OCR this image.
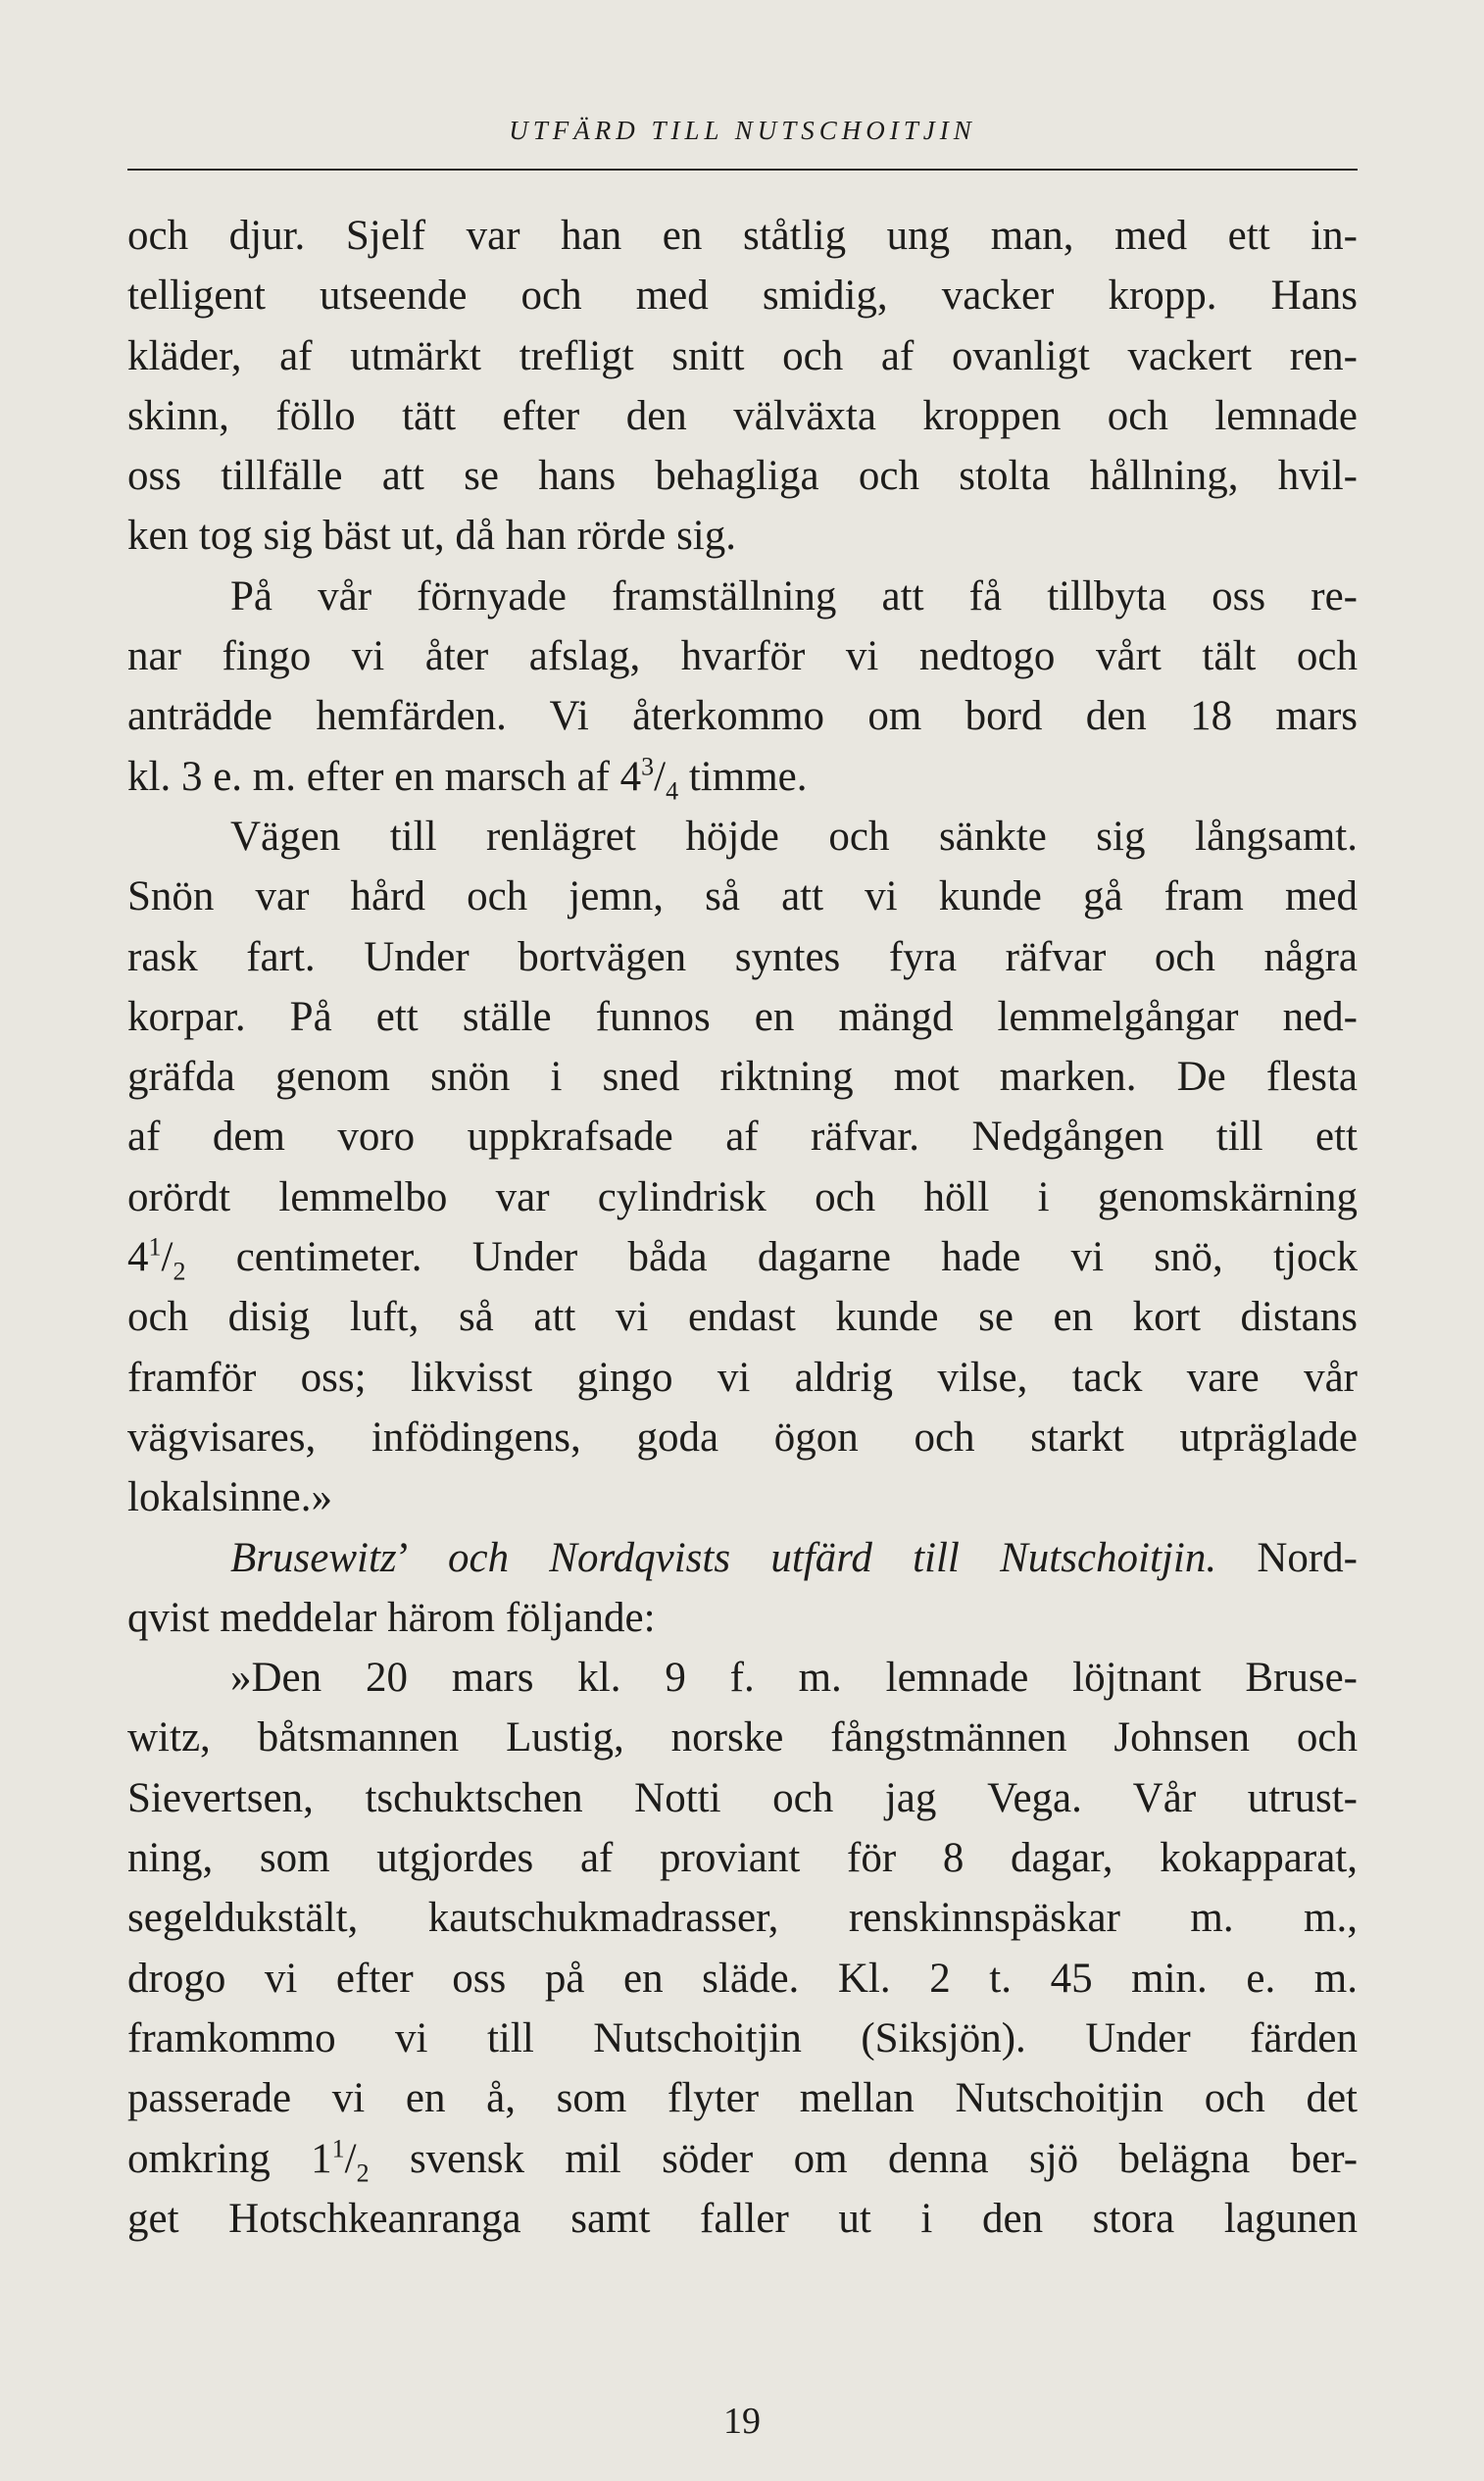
UTFÄRD TILL NUTSCHOITJIN
och djur. Sjelf var han en ståtlig ung man, med ett in-
telligent utseende och med smidig, vacker kropp. Hans
kläder, af utmärkt trefligt snitt och af ovanligt vackert ren-
skinn, föllo tätt efter den välväxta kroppen och lemnade
oss tillfälle att se hans behagliga och stolta hållning, hvil-
ken tog sig bäst ut, då han rörde sig.
På vår förnyade framställning att få tillbyta oss re-
nar fingo vi åter afslag, hvarför vi nedtogo vårt tält och
anträdde hemfärden. Vi återkommo om bord den 18 mars
kl. 3 e. m. efter en marsch af $4^3/_4$ timme.
Vägen till renlägret höjde och sänkte sig långsamt.
Snön var hård och jemn, så att vi kunde gå fram med
rask fart. Under bortvägen syntes fyra räfvar och några
korpar. På ett ställe funnos en mängd lemmelgångar ned-
gräfda genom snön i sned riktning mot marken. De flesta
af dem voro uppkrafsade af räfvar. Nedgången till ett
orördt lemmelbo var cylindrisk och höll i genomskärning
$4^1/_2$ centimeter. Under båda dagarne hade vi snö, tjock
och disig luft, så att vi endast kunde se en kort distans
framför oss; likvisst gingo vi aldrig vilse, tack vare vår
vägvisares, infödingens, goda ögon och starkt utpräglade
lokalsinne.»
Brusewitz’ och Nordqvists utfärd till Nutschoitjin. Nord-
qvist meddelar härom följande:
»Den 20 mars kl. 9 f. m. lemnade löjtnant Bruse-
witz, båtsmannen Lustig, norske fångstmännen Johnsen och
Sievertsen, tschuktschen Notti och jag Vega. Vår utrust-
ning, som utgjordes af proviant för 8 dagar, kokapparat,
segeldukstält, kautschukmadrasser, renskinnspäskar m. m.,
drogo vi efter oss på en släde. Kl. 2 t. 45 min. e. m.
framkommo vi till Nutschoitjin (Siksjön). Under färden
passerade vi en å, som flyter mellan Nutschoitjin och det
omkring $1^1/_2$ svensk mil söder om denna sjö belägna ber-
get Hotschkeanranga samt faller ut i den stora lagunen
19
